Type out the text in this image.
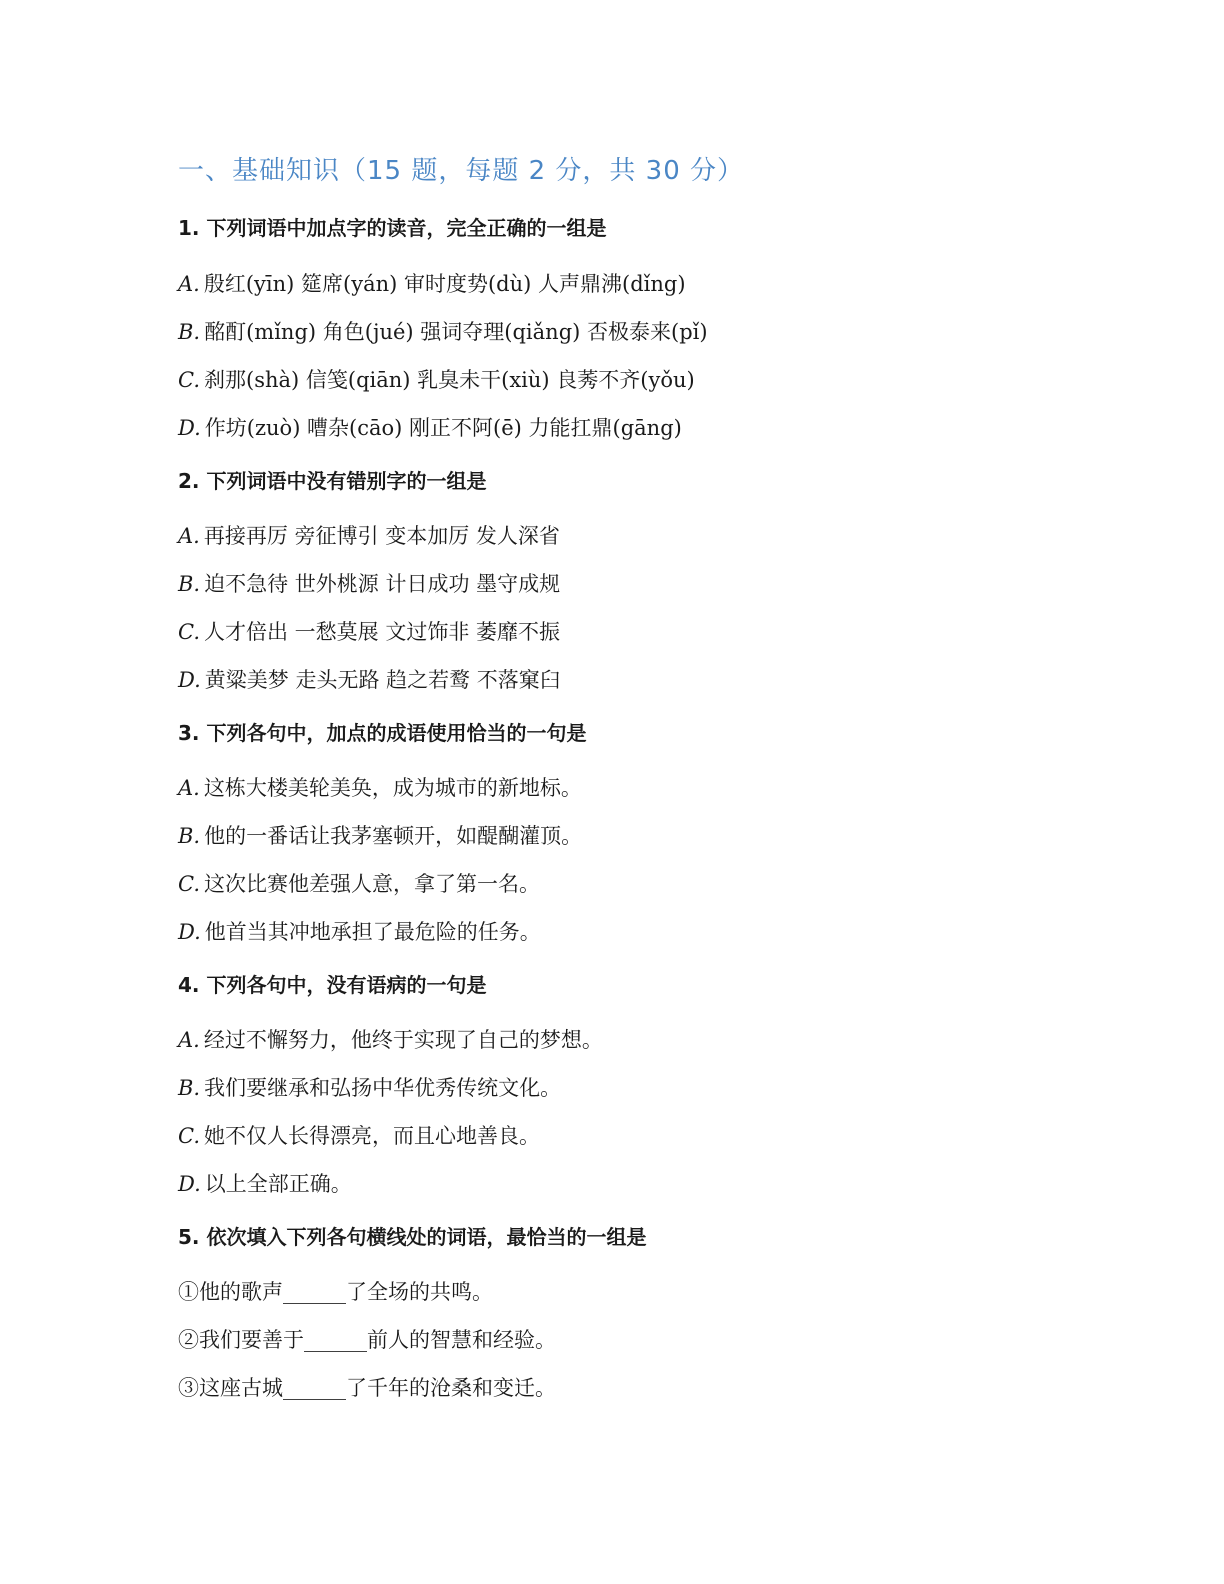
一、基础知识（15 题，每题 2 分，共 30 分）
1. 下列词语中加点字的读音，完全正确的一组是
A. 殷红(yīn) 筵席(yán) 审时度势(dù) 人声鼎沸(dǐng)
B. 酩酊(mǐng) 角色(jué) 强词夺理(qiǎng) 否极泰来(pǐ)
C. 刹那(shà) 信笺(qiān) 乳臭未干(xiù) 良莠不齐(yǒu)
D. 作坊(zuò) 嘈杂(cāo) 刚正不阿(ē) 力能扛鼎(gāng)
2. 下列词语中没有错别字的一组是
A. 再接再厉 旁征博引 变本加厉 发人深省
B. 迫不急待 世外桃源 计日成功 墨守成规
C. 人才倍出 一愁莫展 文过饰非 萎靡不振
D. 黄粱美梦 走头无路 趋之若鹜 不落窠臼
3. 下列各句中，加点的成语使用恰当的一句是
A. 这栋大楼美轮美奂，成为城市的新地标。
B. 他的一番话让我茅塞顿开，如醍醐灌顶。
C. 这次比赛他差强人意，拿了第一名。
D. 他首当其冲地承担了最危险的任务。
4. 下列各句中，没有语病的一句是
A. 经过不懈努力，他终于实现了自己的梦想。
B. 我们要继承和弘扬中华优秀传统文化。
C. 她不仅人长得漂亮，而且心地善良。
D. 以上全部正确。
5. 依次填入下列各句横线处的词语，最恰当的一组是
①他的歌声______了全场的共鸣。
②我们要善于______前人的智慧和经验。
③这座古城______了千年的沧桑和变迁。
